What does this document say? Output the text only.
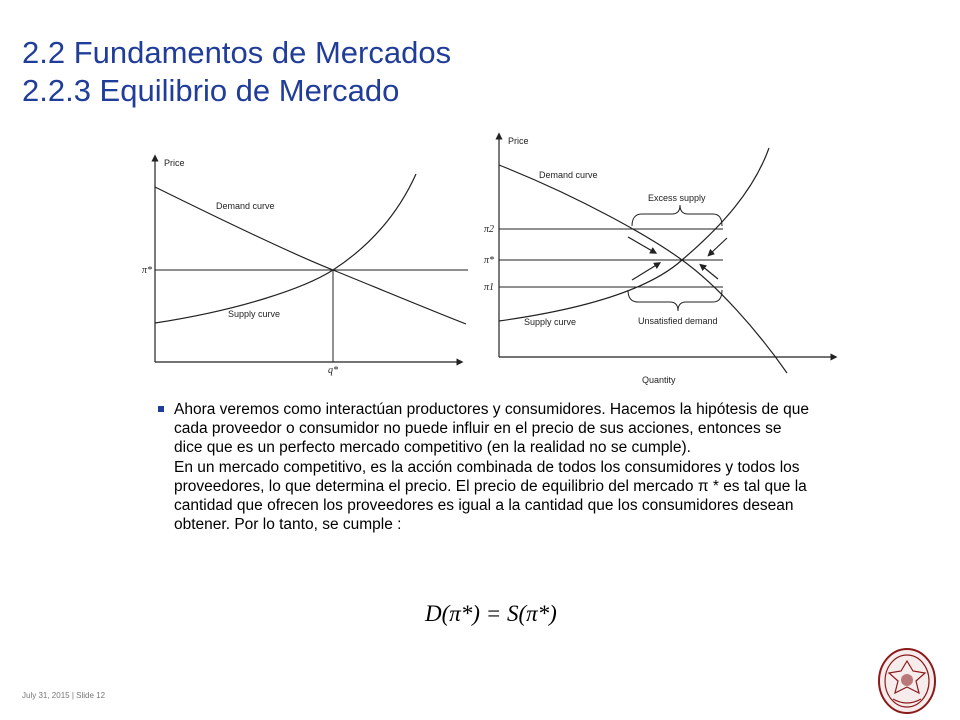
2.2 Fundamentos de Mercados
2.2.3 Equilibrio de Mercado
Price
Demand curve
Supply curve
π*
q*
Price
Quantity
Demand curve
Supply curve
Excess supply
Unsatisfied demand
π2
π*
π1

Ahora veremos como interactúan productores y consumidores. Hacemos la hipótesis de que cada proveedor o consumidor no puede influir en el precio de sus acciones, entonces se dice que es un perfecto mercado competitivo (en la realidad no se cumple).

En un mercado competitivo, es la acción combinada de todos los consumidores y todos los proveedores, lo que determina el precio. El precio de equilibrio del mercado π * es tal que la cantidad que ofrecen los proveedores es igual a la cantidad que los consumidores desean obtener. Por lo tanto, se cumple :

D(π*) = S(π*)
July 31, 2015 | Slide 12
